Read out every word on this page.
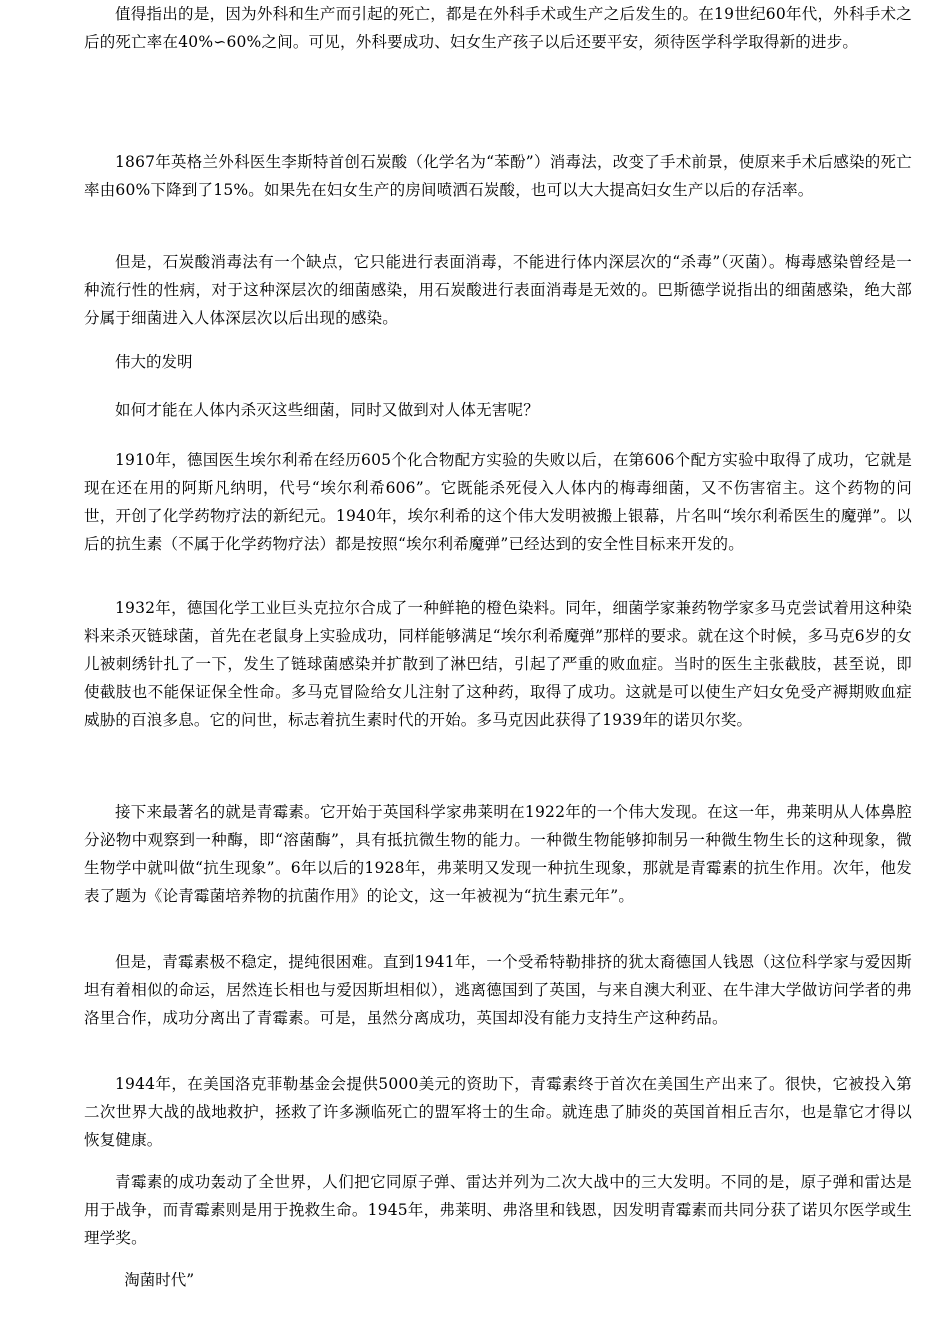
值得指出的是，因为外科和生产而引起的死亡，都是在外科手术或生产之后发生的。在19世纪60年代，外科手术之后的死亡率在40%∽60%之间。可见，外科要成功、妇女生产孩子以后还要平安，须待医学科学取得新的进步。

1867年英格兰外科医生李斯特首创石炭酸（化学名为“苯酚”）消毒法，改变了手术前景，使原来手术后感染的死亡率由60%下降到了15%。如果先在妇女生产的房间喷洒石炭酸，也可以大大提高妇女生产以后的存活率。

但是，石炭酸消毒法有一个缺点，它只能进行表面消毒，不能进行体内深层次的“杀毒”（灭菌）。梅毒感染曾经是一种流行性的性病，对于这种深层次的细菌感染，用石炭酸进行表面消毒是无效的。巴斯德学说指出的细菌感染，绝大部分属于细菌进入人体深层次以后出现的感染。

伟大的发明

如何才能在人体内杀灭这些细菌，同时又做到对人体无害呢？

1910年，德国医生埃尔利希在经历605个化合物配方实验的失败以后，在第606个配方实验中取得了成功，它就是现在还在用的阿斯凡纳明，代号“埃尔利希606”。它既能杀死侵入人体内的梅毒细菌，又不伤害宿主。这个药物的问世，开创了化学药物疗法的新纪元。1940年，埃尔利希的这个伟大发明被搬上银幕，片名叫“埃尔利希医生的魔弹”。以后的抗生素（不属于化学药物疗法）都是按照“埃尔利希魔弹”已经达到的安全性目标来开发的。

1932年，德国化学工业巨头克拉尔合成了一种鲜艳的橙色染料。同年，细菌学家兼药物学家多马克尝试着用这种染料来杀灭链球菌，首先在老鼠身上实验成功，同样能够满足“埃尔利希魔弹”那样的要求。就在这个时候，多马克6岁的女儿被刺绣针扎了一下，发生了链球菌感染并扩散到了淋巴结，引起了严重的败血症。当时的医生主张截肢，甚至说，即使截肢也不能保证保全性命。多马克冒险给女儿注射了这种药，取得了成功。这就是可以使生产妇女免受产褥期败血症威胁的百浪多息。它的问世，标志着抗生素时代的开始。多马克因此获得了1939年的诺贝尔奖。

接下来最著名的就是青霉素。它开始于英国科学家弗莱明在1922年的一个伟大发现。在这一年，弗莱明从人体鼻腔分泌物中观察到一种酶，即“溶菌酶”，具有抵抗微生物的能力。一种微生物能够抑制另一种微生物生长的这种现象，微生物学中就叫做“抗生现象”。6年以后的1928年，弗莱明又发现一种抗生现象，那就是青霉素的抗生作用。次年，他发表了题为《论青霉菌培养物的抗菌作用》的论文，这一年被视为“抗生素元年”。

但是，青霉素极不稳定，提纯很困难。直到1941年，一个受希特勒排挤的犹太裔德国人钱恩（这位科学家与爱因斯坦有着相似的命运，居然连长相也与爱因斯坦相似），逃离德国到了英国，与来自澳大利亚、在牛津大学做访问学者的弗洛里合作，成功分离出了青霉素。可是，虽然分离成功，英国却没有能力支持生产这种药品。

1944年，在美国洛克菲勒基金会提供5000美元的资助下，青霉素终于首次在美国生产出来了。很快，它被投入第二次世界大战的战地救护，拯救了许多濒临死亡的盟军将士的生命。就连患了肺炎的英国首相丘吉尔，也是靠它才得以恢复健康。

青霉素的成功轰动了全世界，人们把它同原子弹、雷达并列为二次大战中的三大发明。不同的是，原子弹和雷达是用于战争，而青霉素则是用于挽救生命。1945年，弗莱明、弗洛里和钱恩，因发明青霉素而共同分获了诺贝尔医学或生理学奖。

淘菌时代”
